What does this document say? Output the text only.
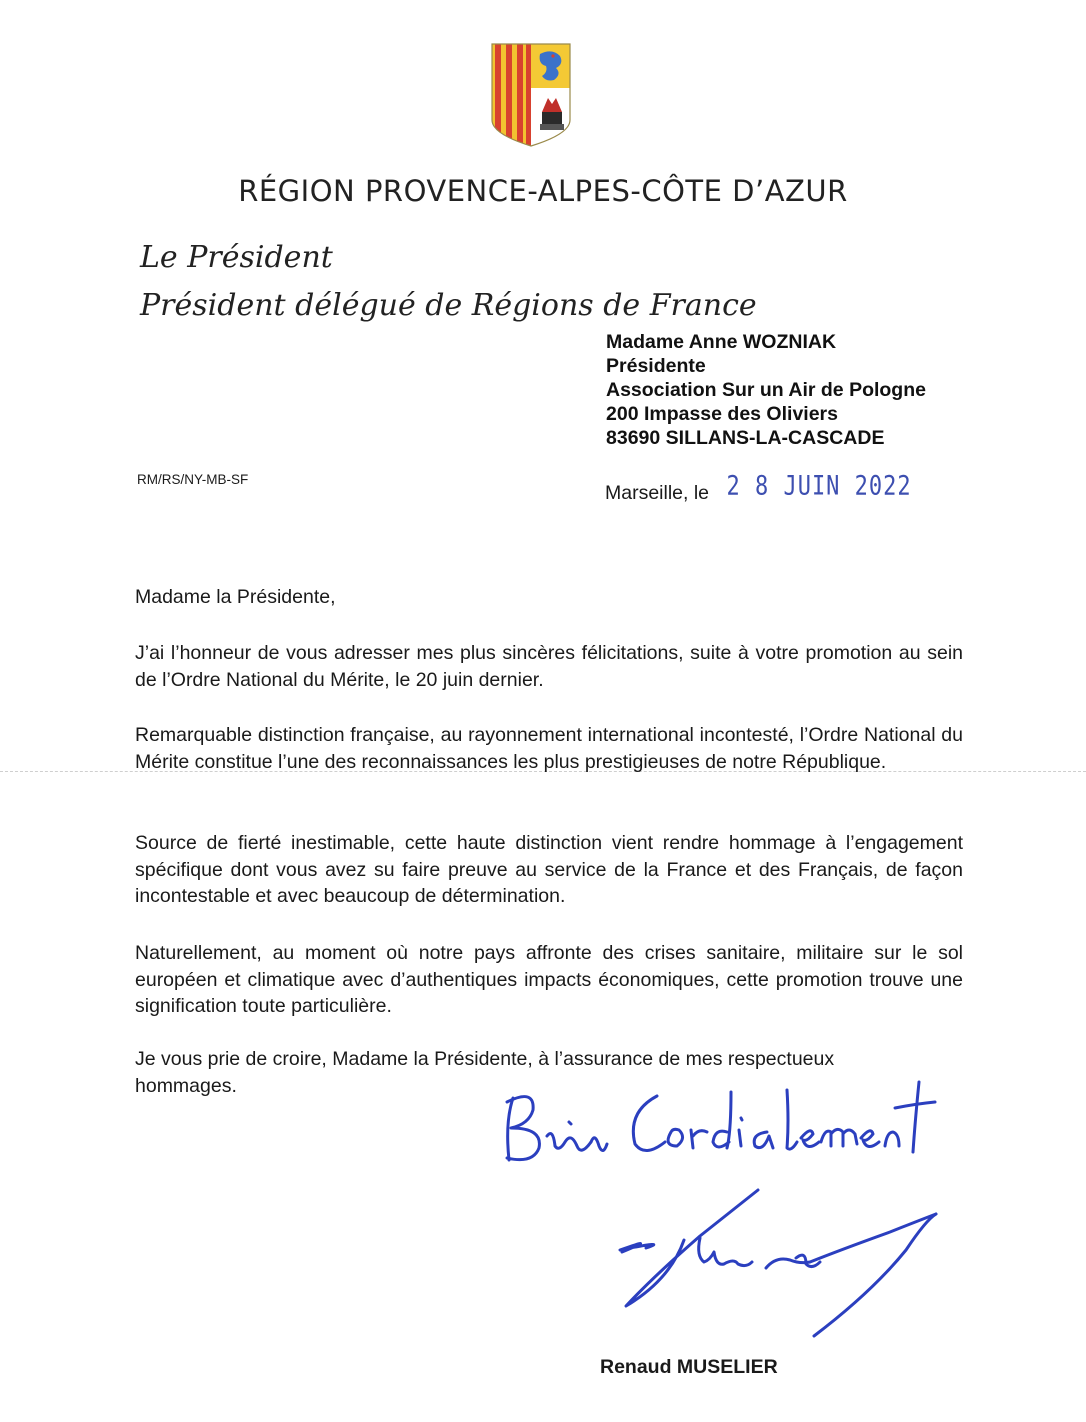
RÉGION PROVENCE-ALPES-CÔTE D’AZUR
Le Président
Président délégué de Régions de France
Madame Anne WOZNIAK
Présidente
Association Sur un Air de Pologne
200 Impasse des Oliviers
83690 SILLANS-LA-CASCADE
RM/RS/NY-MB-SF
Marseille, le 2 8 JUIN 2022
Madame la Présidente,

J’ai l’honneur de vous adresser mes plus sincères félicitations, suite à votre promotion au sein de l’Ordre National du Mérite, le 20 juin dernier.

Remarquable distinction française, au rayonnement international incontesté, l’Ordre National du Mérite constitue l’une des reconnaissances les plus prestigieuses de notre République.

Source de fierté inestimable, cette haute distinction vient rendre hommage à l’engagement spécifique dont vous avez su faire preuve au service de la France et des Français, de façon incontestable et avec beaucoup de détermination.

Naturellement, au moment où notre pays affronte des crises sanitaire, militaire sur le sol européen et climatique avec d’authentiques impacts économiques, cette promotion trouve une signification toute particulière.

Je vous prie de croire, Madame la Présidente, à l’assurance de mes respectueux hommages.

Renaud MUSELIER
